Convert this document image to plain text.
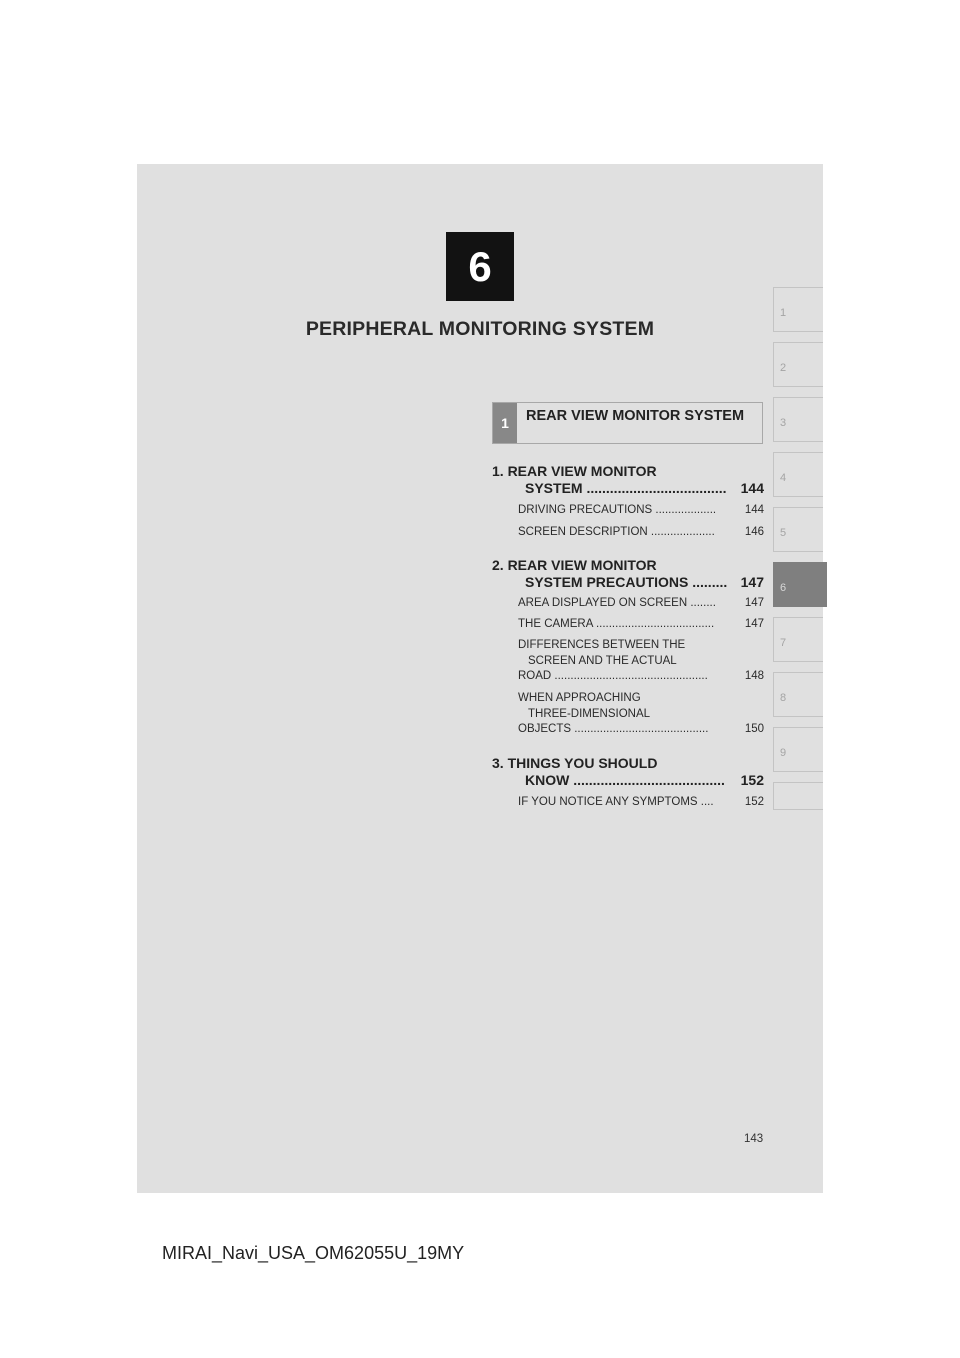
6
PERIPHERAL MONITORING SYSTEM
1
2
3
4
5
6
7
8
9
1	REAR VIEW MONITOR SYSTEM
1. REAR VIEW MONITOR
144
SYSTEM ....................................
144
DRIVING PRECAUTIONS ...................
146
SCREEN DESCRIPTION ....................
2. REAR VIEW MONITOR
147
SYSTEM PRECAUTIONS .........
147
AREA DISPLAYED ON SCREEN ........
147
THE CAMERA .....................................
DIFFERENCES BETWEEN THE
SCREEN AND THE ACTUAL
148
ROAD ................................................
WHEN APPROACHING
THREE-DIMENSIONAL
150
OBJECTS ..........................................
3. THINGS YOU SHOULD
152
KNOW .......................................
152
IF YOU NOTICE ANY SYMPTOMS ....
143
MIRAI_Navi_USA_OM62055U_19MY
